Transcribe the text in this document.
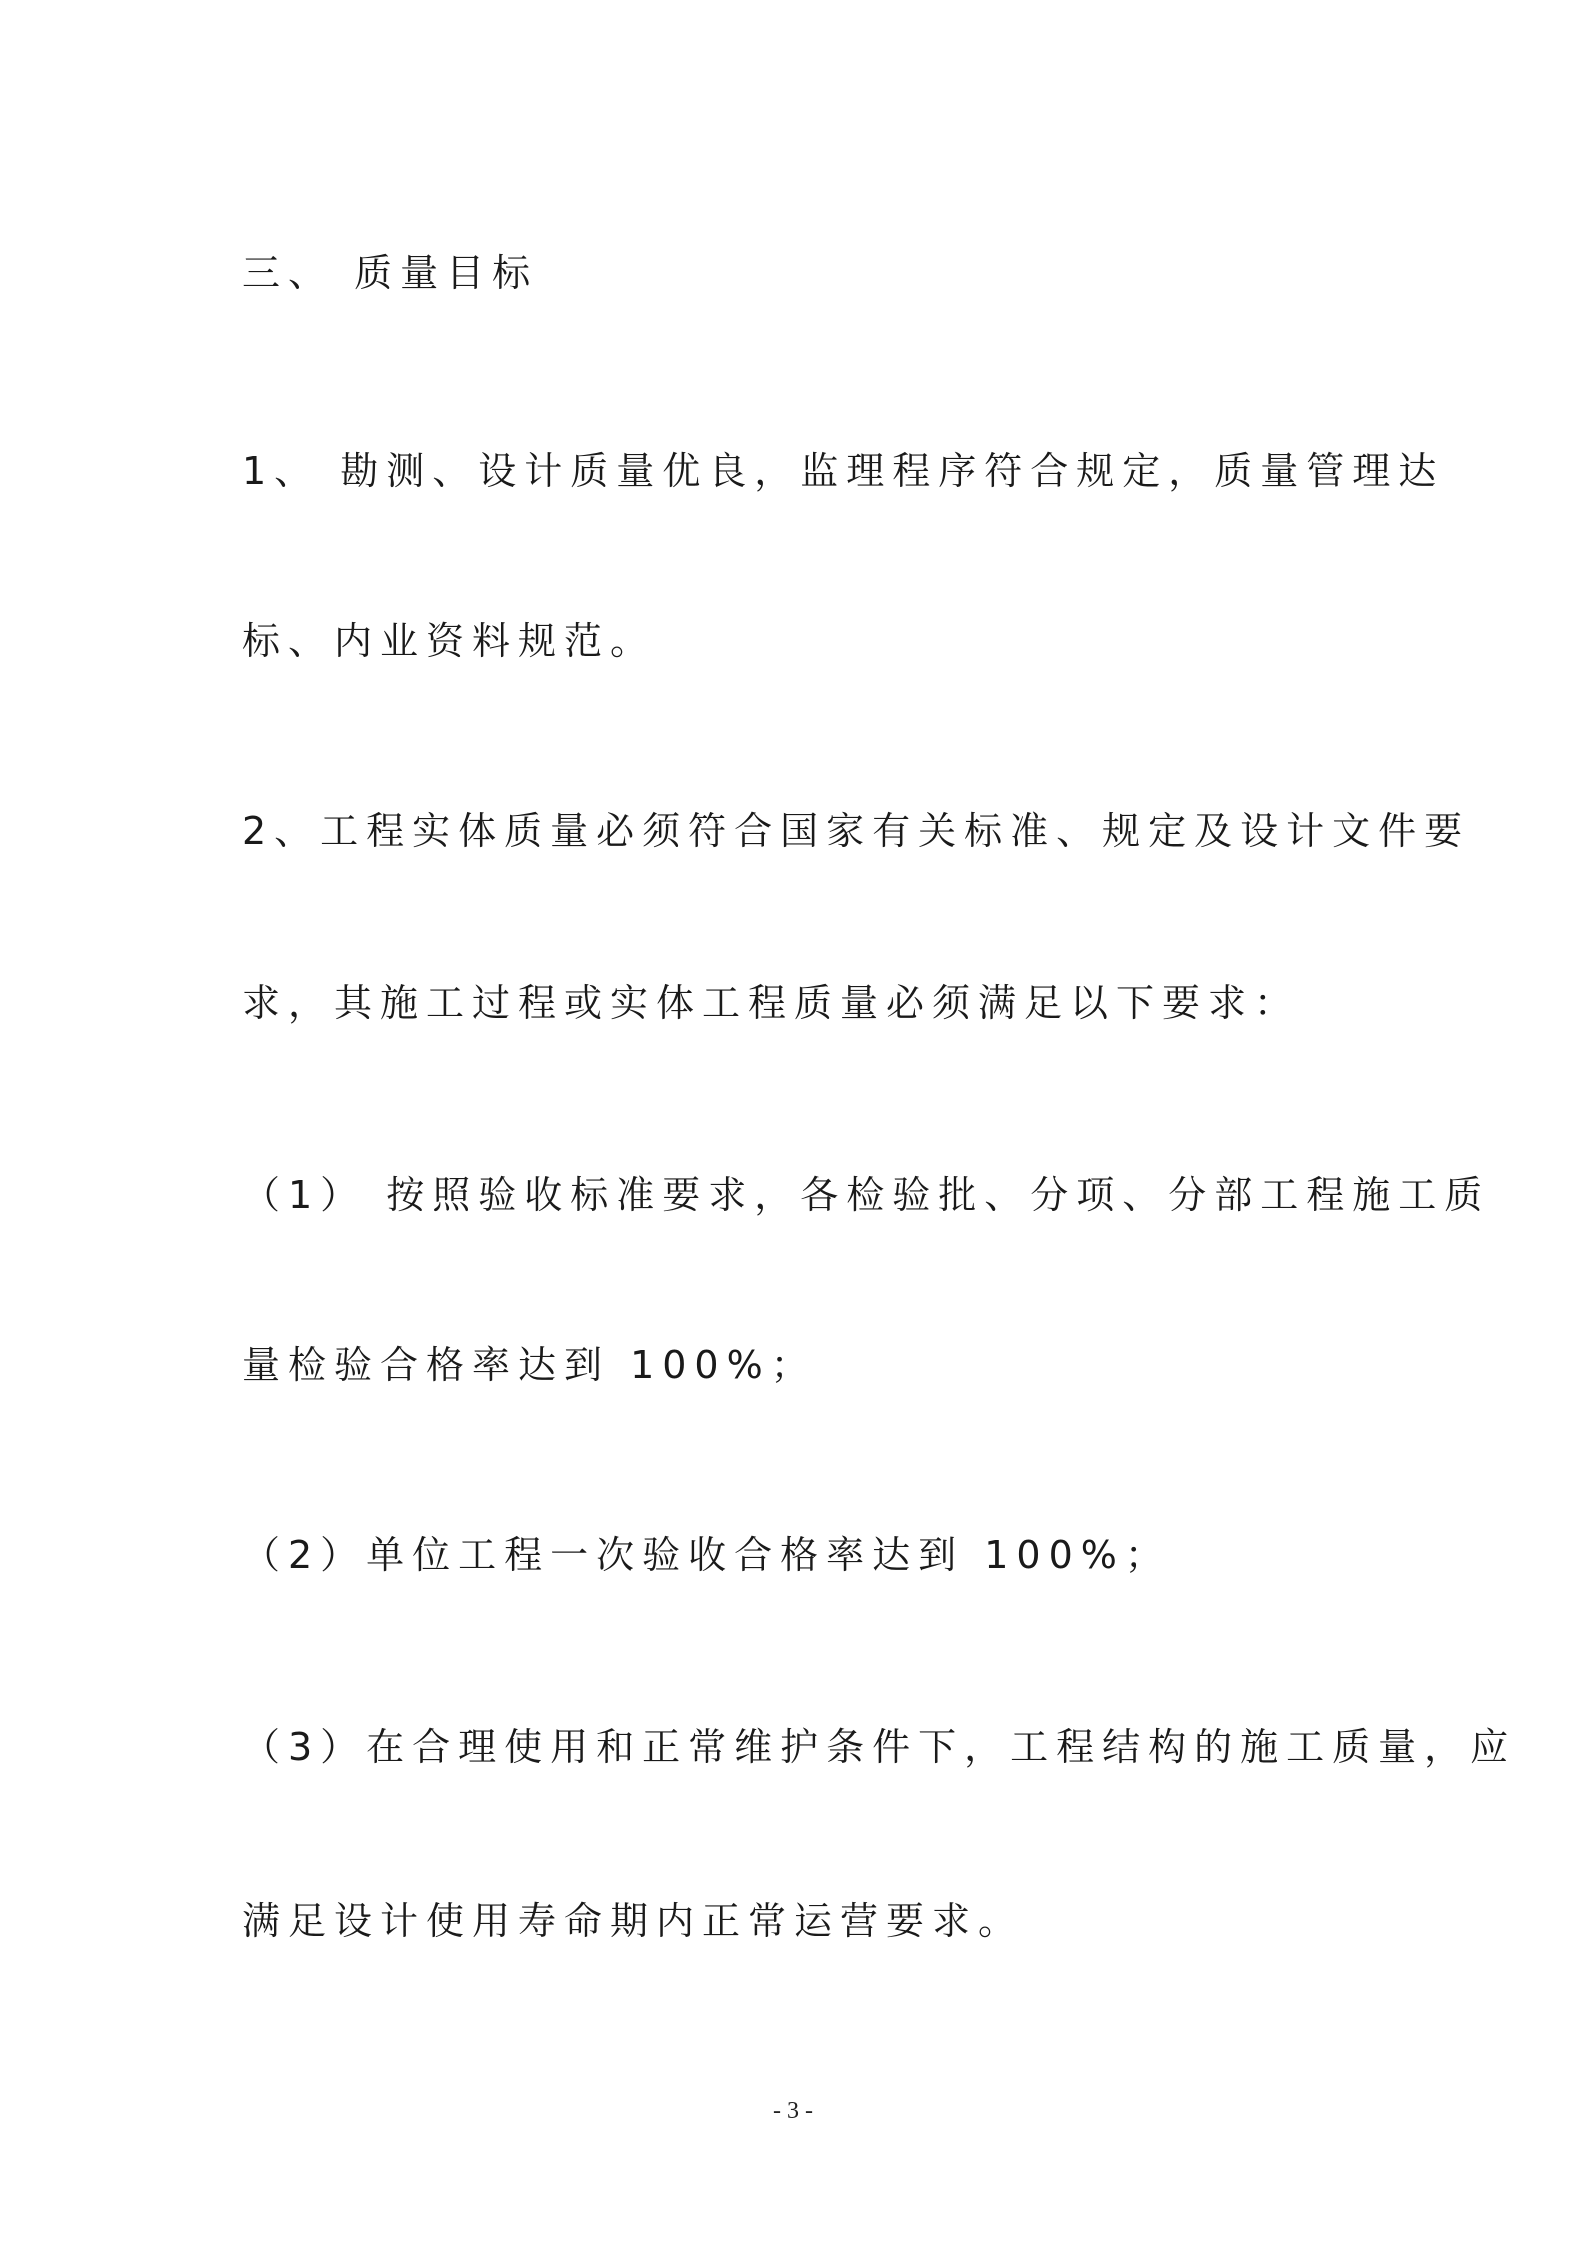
三、 质量目标
1、 勘测、设计质量优良，监理程序符合规定，质量管理达
标、内业资料规范。
2、工程实体质量必须符合国家有关标准、规定及设计文件要
求，其施工过程或实体工程质量必须满足以下要求：
（1） 按照验收标准要求，各检验批、分项、分部工程施工质
量检验合格率达到 100%；
（2）单位工程一次验收合格率达到 100%；
（3）在合理使用和正常维护条件下，工程结构的施工质量，应
满足设计使用寿命期内正常运营要求。
- 3 -
